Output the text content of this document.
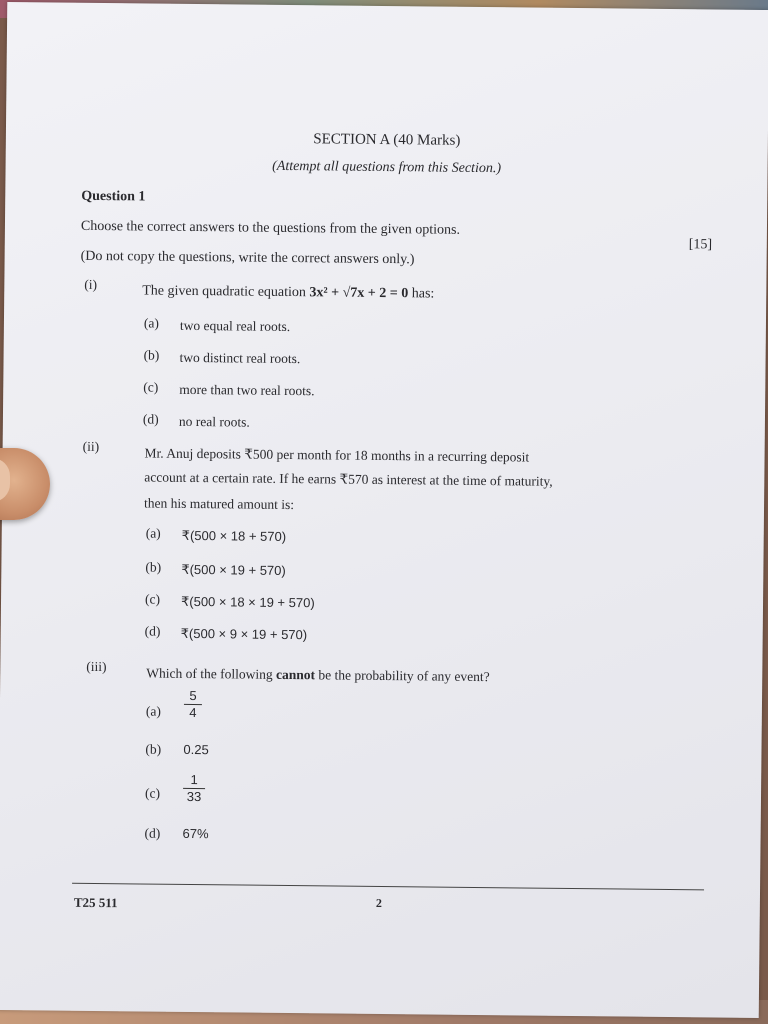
SECTION A (40 Marks)
(Attempt all questions from this Section.)
Question 1
Choose the correct answers to the questions from the given options.
[15]
(Do not copy the questions, write the correct answers only.)
(i)	The given quadratic equation 3x² + √7x + 2 = 0 has:
(a) two equal real roots.
(b) two distinct real roots.
(c) more than two real roots.
(d) no real roots.
(ii)	Mr. Anuj deposits ₹500 per month for 18 months in a recurring deposit
account at a certain rate. If he earns ₹570 as interest at the time of maturity,
then his matured amount is:
(a) ₹(500 × 18 + 570)
(b) ₹(500 × 19 + 570)
(c) ₹(500 × 18 × 19 + 570)
(d) ₹(500 × 9 × 19 + 570)
(iii)	Which of the following cannot be the probability of any event?
$(a) \frac{5}{4}$
(b) 0.25
$(c) \frac{1}{33}$
(d) 67%
T25 511	2
